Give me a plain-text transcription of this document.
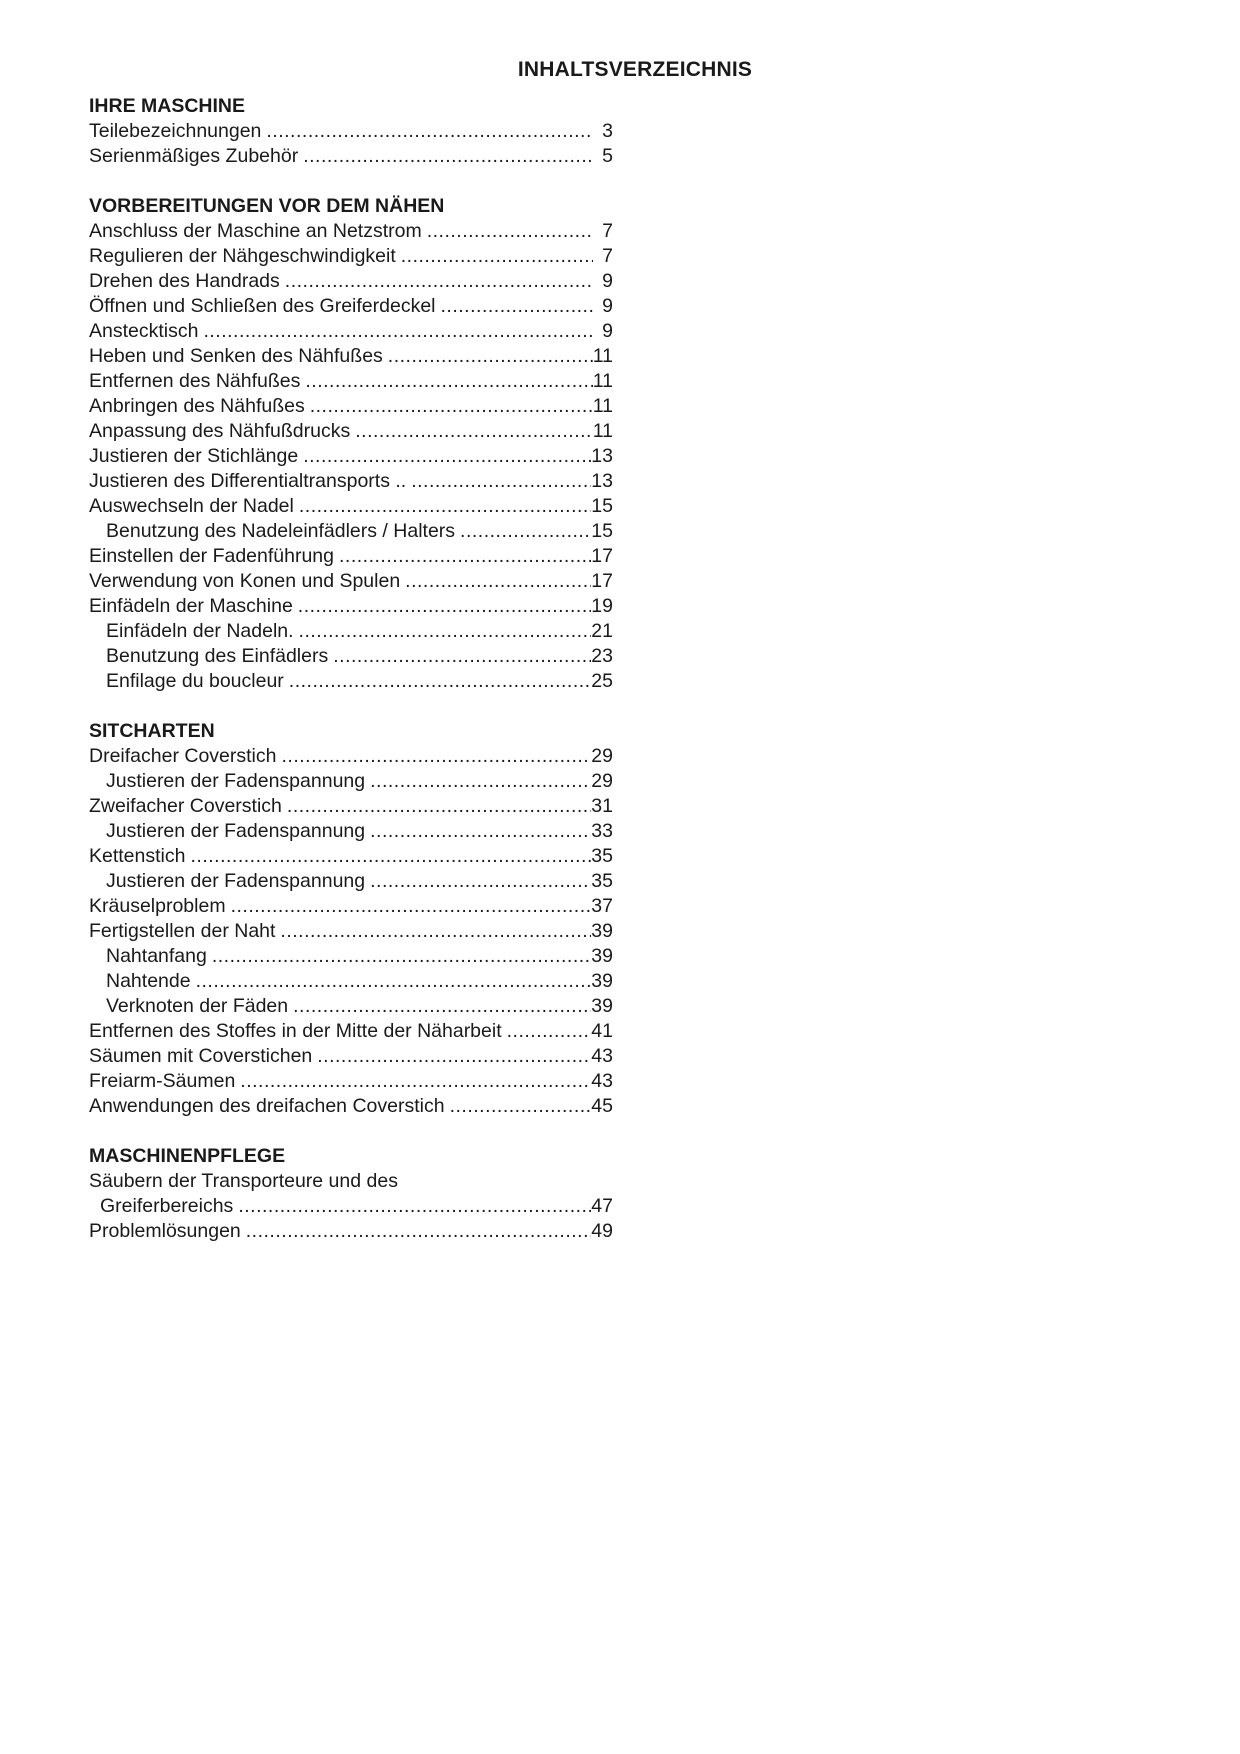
INHALTSVERZEICHNIS
IHRE MASCHINE
Teilebezeichnungen .....	3
Serienmäßiges Zubehör .....	5
VORBEREITUNGEN VOR DEM NÄHEN
Anschluss der Maschine an Netzstrom .....	7
Regulieren der Nähgeschwindigkeit .....	7
Drehen des Handrads .....	9
Öffnen und Schließen des Greiferdeckel .....	9
Anstecktisch .....	9
Heben und Senken des Nähfußes .....	11
Entfernen des Nähfußes .....	11
Anbringen des Nähfußes .....	11
Anpassung des Nähfußdrucks .....	11
Justieren der Stichlänge .....	13
Justieren des Differentialtransports .. .....	13
Auswechseln der Nadel .....	15
Benutzung des Nadeleinfädlers / Halters .....	15
Einstellen der Fadenführung .....	17
Verwendung von Konen und Spulen .....	17
Einfädeln der Maschine .....	19
Einfädeln der Nadeln. .....	21
Benutzung des Einfädlers .....	23
Enfilage du boucleur .....	25
SITCHARTEN
Dreifacher Coverstich .....	29
Justieren der Fadenspannung .....	29
Zweifacher Coverstich .....	31
Justieren der Fadenspannung .....	33
Kettenstich .....	35
Justieren der Fadenspannung .....	35
Kräuselproblem .....	37
Fertigstellen der Naht .....	39
Nahtanfang .....	39
Nahtende .....	39
Verknoten der Fäden .....	39
Entfernen des Stoffes in der Mitte der Näharbeit .....	41
Säumen mit Coverstichen .....	43
Freiarm-Säumen .....	43
Anwendungen des dreifachen Coverstich .....	45
MASCHINENPFLEGE
Säubern der Transporteure und des
Greiferbereichs .....	47
Problemlösungen .....	49
